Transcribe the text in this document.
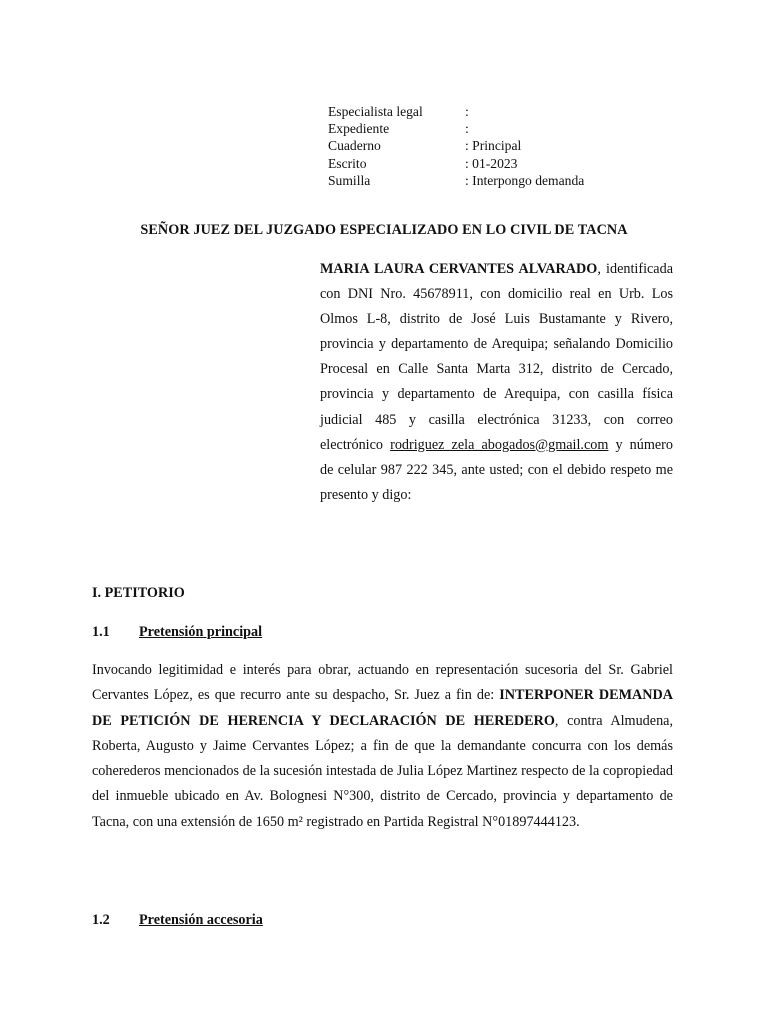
Especialista legal	:
Expediente	:
Cuaderno	: Principal
Escrito	: 01-2023
Sumilla	: Interpongo demanda
SEÑOR JUEZ DEL JUZGADO ESPECIALIZADO EN LO CIVIL DE TACNA
MARIA LAURA CERVANTES ALVARADO, identificada con DNI Nro. 45678911, con domicilio real en Urb. Los Olmos L-8, distrito de José Luis Bustamante y Rivero, provincia y departamento de Arequipa; señalando Domicilio Procesal en Calle Santa Marta 312, distrito de Cercado, provincia y departamento de Arequipa, con casilla física judicial 485 y casilla electrónica 31233, con correo electrónico rodriguez_zela_abogados@gmail.com y número de celular 987 222 345, ante usted; con el debido respeto me presento y digo:
I. PETITORIO
1.1	Pretensión principal
Invocando legitimidad e interés para obrar, actuando en representación sucesoria del Sr. Gabriel Cervantes López, es que recurro ante su despacho, Sr. Juez a fin de: INTERPONER DEMANDA DE PETICIÓN DE HERENCIA Y DECLARACIÓN DE HEREDERO, contra Almudena, Roberta, Augusto y Jaime Cervantes López; a fin de que la demandante concurra con los demás coherederos mencionados de la sucesión intestada de Julia López Martinez respecto de la copropiedad del inmueble ubicado en Av. Bolognesi N°300, distrito de Cercado, provincia y departamento de Tacna, con una extensión de 1650 m² registrado en Partida Registral N°01897444123.
1.2	Pretensión accesoria
